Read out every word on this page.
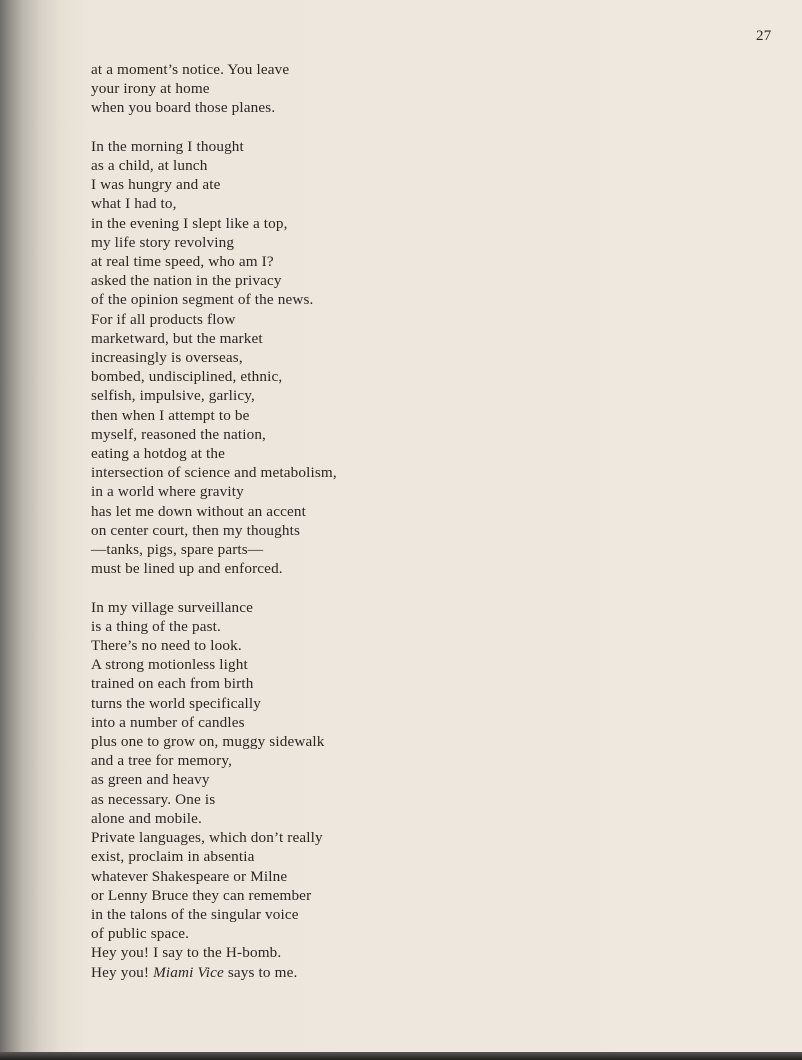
27

at a moment’s notice. You leave
your irony at home
when you board those planes.

In the morning I thought
as a child, at lunch
I was hungry and ate
what I had to,
in the evening I slept like a top,
my life story revolving
at real time speed, who am I?
asked the nation in the privacy
of the opinion segment of the news.
For if all products flow
marketward, but the market
increasingly is overseas,
bombed, undisciplined, ethnic,
selfish, impulsive, garlicy,
then when I attempt to be
myself, reasoned the nation,
eating a hotdog at the
intersection of science and metabolism,
in a world where gravity
has let me down without an accent
on center court, then my thoughts
—tanks, pigs, spare parts—
must be lined up and enforced.

In my village surveillance
is a thing of the past.
There’s no need to look.
A strong motionless light
trained on each from birth
turns the world specifically
into a number of candles
plus one to grow on, muggy sidewalk
and a tree for memory,
as green and heavy
as necessary. One is
alone and mobile.
Private languages, which don’t really
exist, proclaim in absentia
whatever Shakespeare or Milne
or Lenny Bruce they can remember
in the talons of the singular voice
of public space.
Hey you! I say to the H-bomb.
Hey you! Miami Vice says to me.
